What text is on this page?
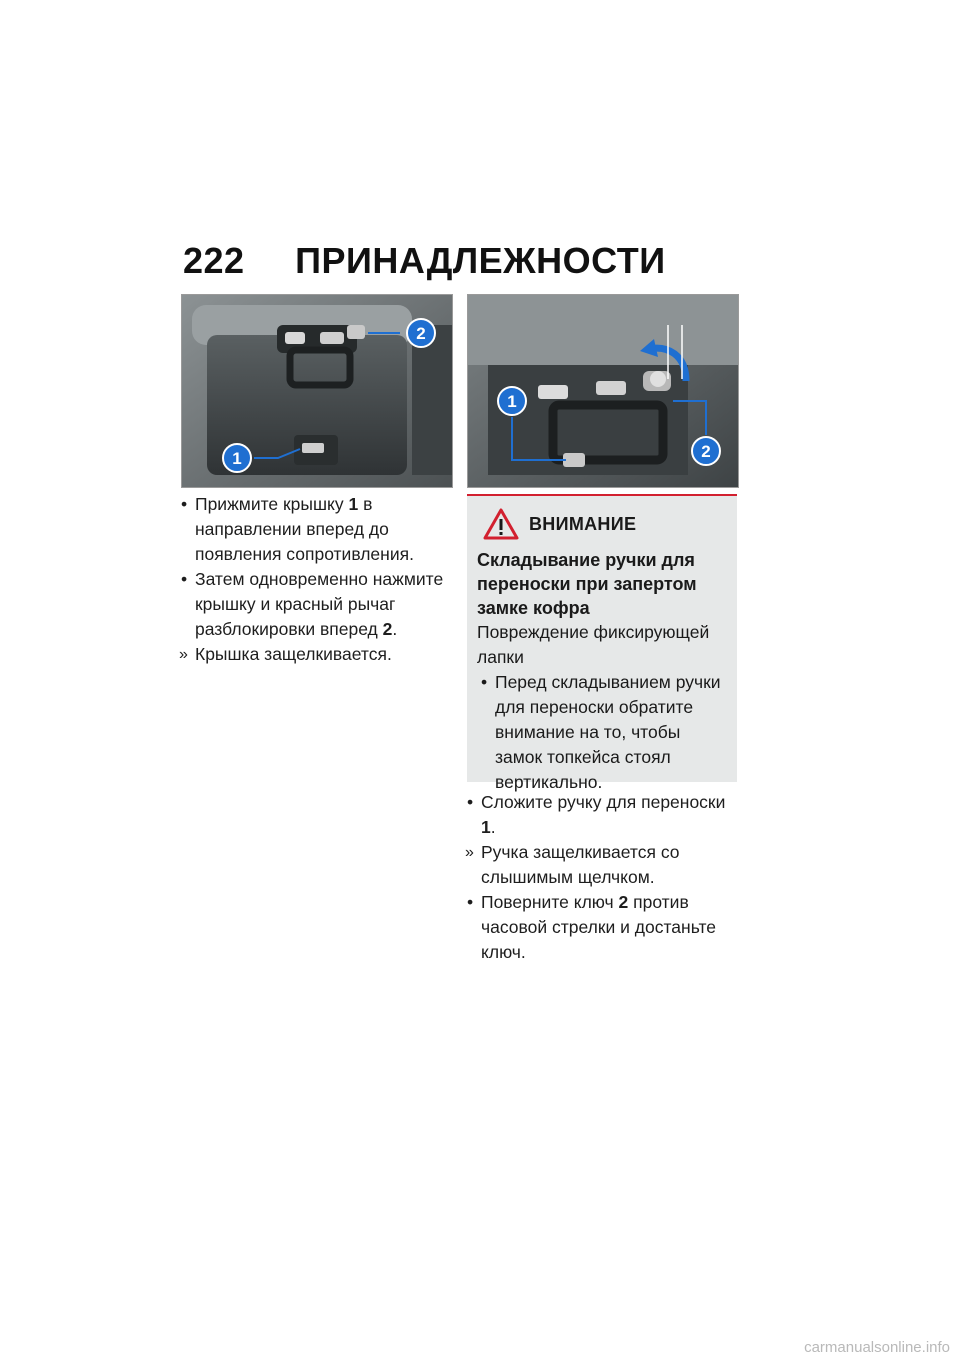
222 ПРИНАДЛЕЖНОСТИ
2
1	2
1

• Прижмите крышку 1 в направлении вперед до появления сопротивления.

• Затем одновременно нажмите крышку и красный рычаг разблокировки вперед 2.

» Крышка защелкивается.

ВНИМАНИЕ
Складывание ручки для переноски при запертом замке кофра
Повреждение фиксирующей лапки
• Перед складыванием ручки для переноски обратите внимание на то, чтобы замок топкейса стоял вертикально.

• Сложите ручку для переноски 1.

» Ручка защелкивается со слышимым щелчком.

• Поверните ключ 2 против часовой стрелки и достаньте ключ.

carmanualsonline.info
